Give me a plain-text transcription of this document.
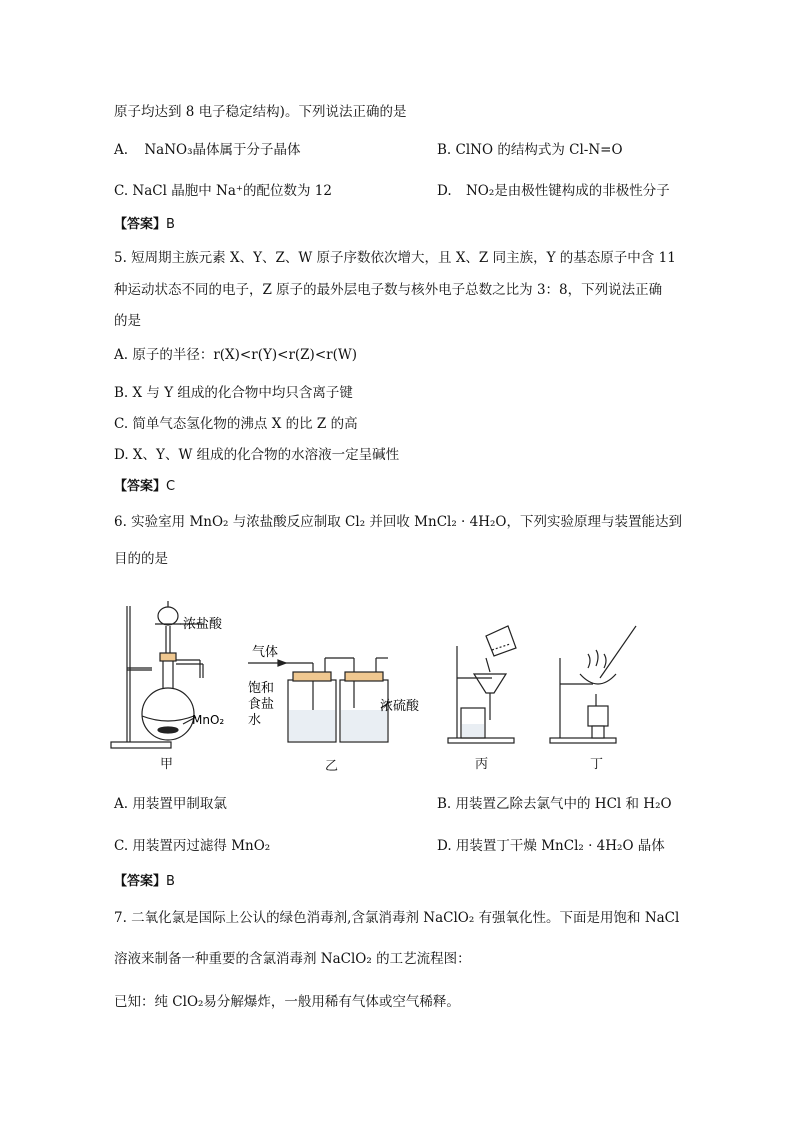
原子均达到 8 电子稳定结构)。下列说法正确的是
A. NaNO₃晶体属于分子晶体	B. ClNO 的结构式为 Cl-N=O
C. NaCl 晶胞中 Na⁺的配位数为 12	D. NO₂是由极性键构成的非极性分子
【答案】B
5. 短周期主族元素 X、Y、Z、W 原子序数依次增大，且 X、Z 同主族，Y 的基态原子中含 11
种运动状态不同的电子，Z 原子的最外层电子数与核外电子总数之比为 3：8，下列说法正确
的是
A. 原子的半径：r(X)<r(Y)<r(Z)<r(W)
B. X 与 Y 组成的化合物中均只含离子键
C. 简单气态氢化物的沸点 X 的比 Z 的高
D. X、Y、W 组成的化合物的水溶液一定呈碱性
【答案】C
6. 实验室用 MnO₂ 与浓盐酸反应制取 Cl₂ 并回收 MnCl₂ · 4H₂O，下列实验原理与装置能达到
目的的是
浓盐酸
MnO₂
气体
饱和
食盐
水
浓硫酸
甲	乙	丙	丁
A. 用装置甲制取氯	B. 用装置乙除去氯气中的 HCl 和 H₂O
C. 用装置丙过滤得 MnO₂	D. 用装置丁干燥 MnCl₂ · 4H₂O 晶体
【答案】B
7. 二氧化氯是国际上公认的绿色消毒剂,含氯消毒剂 NaClO₂ 有强氧化性。下面是用饱和 NaCl
溶液来制备一种重要的含氯消毒剂 NaClO₂ 的工艺流程图：
已知：纯 ClO₂易分解爆炸，一般用稀有气体或空气稀释。
